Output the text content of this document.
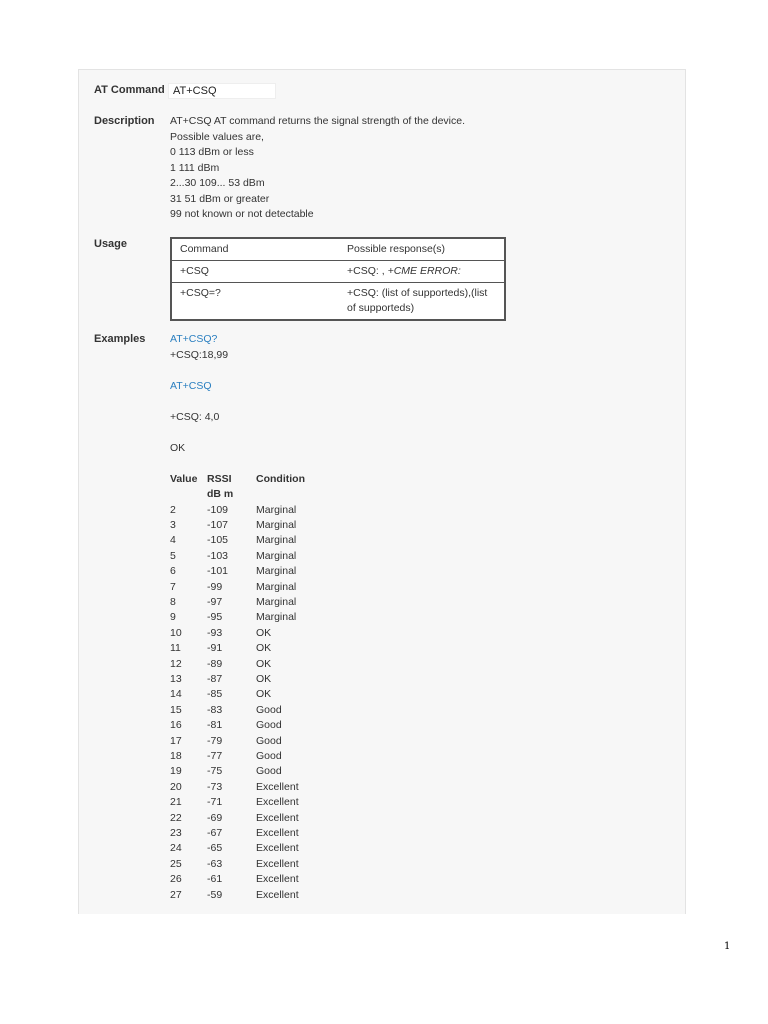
AT Command AT+CSQ
Description AT+CSQ AT command returns the signal strength of the device.

Possible values are,

0 113 dBm or less

1 111 dBm

2...30 109... 53 dBm

31 51 dBm or greater

99 not known or not detectable

Usage	Command	Possible response(s)
+CSQ	+CSQ: , +CME ERROR:
+CSQ=?	+CSQ: (list of supporteds),(list of supporteds)
Examples AT+CSQ?

+CSQ:18,99

AT+CSQ

+CSQ: 4,0

OK

Value	RSSI dB m	Condition
2	-109	Marginal
3	-107	Marginal
4	-105	Marginal
5	-103	Marginal
6	-101	Marginal
7	-99	Marginal
8	-97	Marginal
9	-95	Marginal
10	-93	OK
11	-91	OK
12	-89	OK
13	-87	OK
14	-85	OK
15	-83	Good
16	-81	Good
17	-79	Good
18	-77	Good
19	-75	Good
20	-73	Excellent
21	-71	Excellent
22	-69	Excellent
23	-67	Excellent
24	-65	Excellent
25	-63	Excellent
26	-61	Excellent
27	-59	Excellent
1
